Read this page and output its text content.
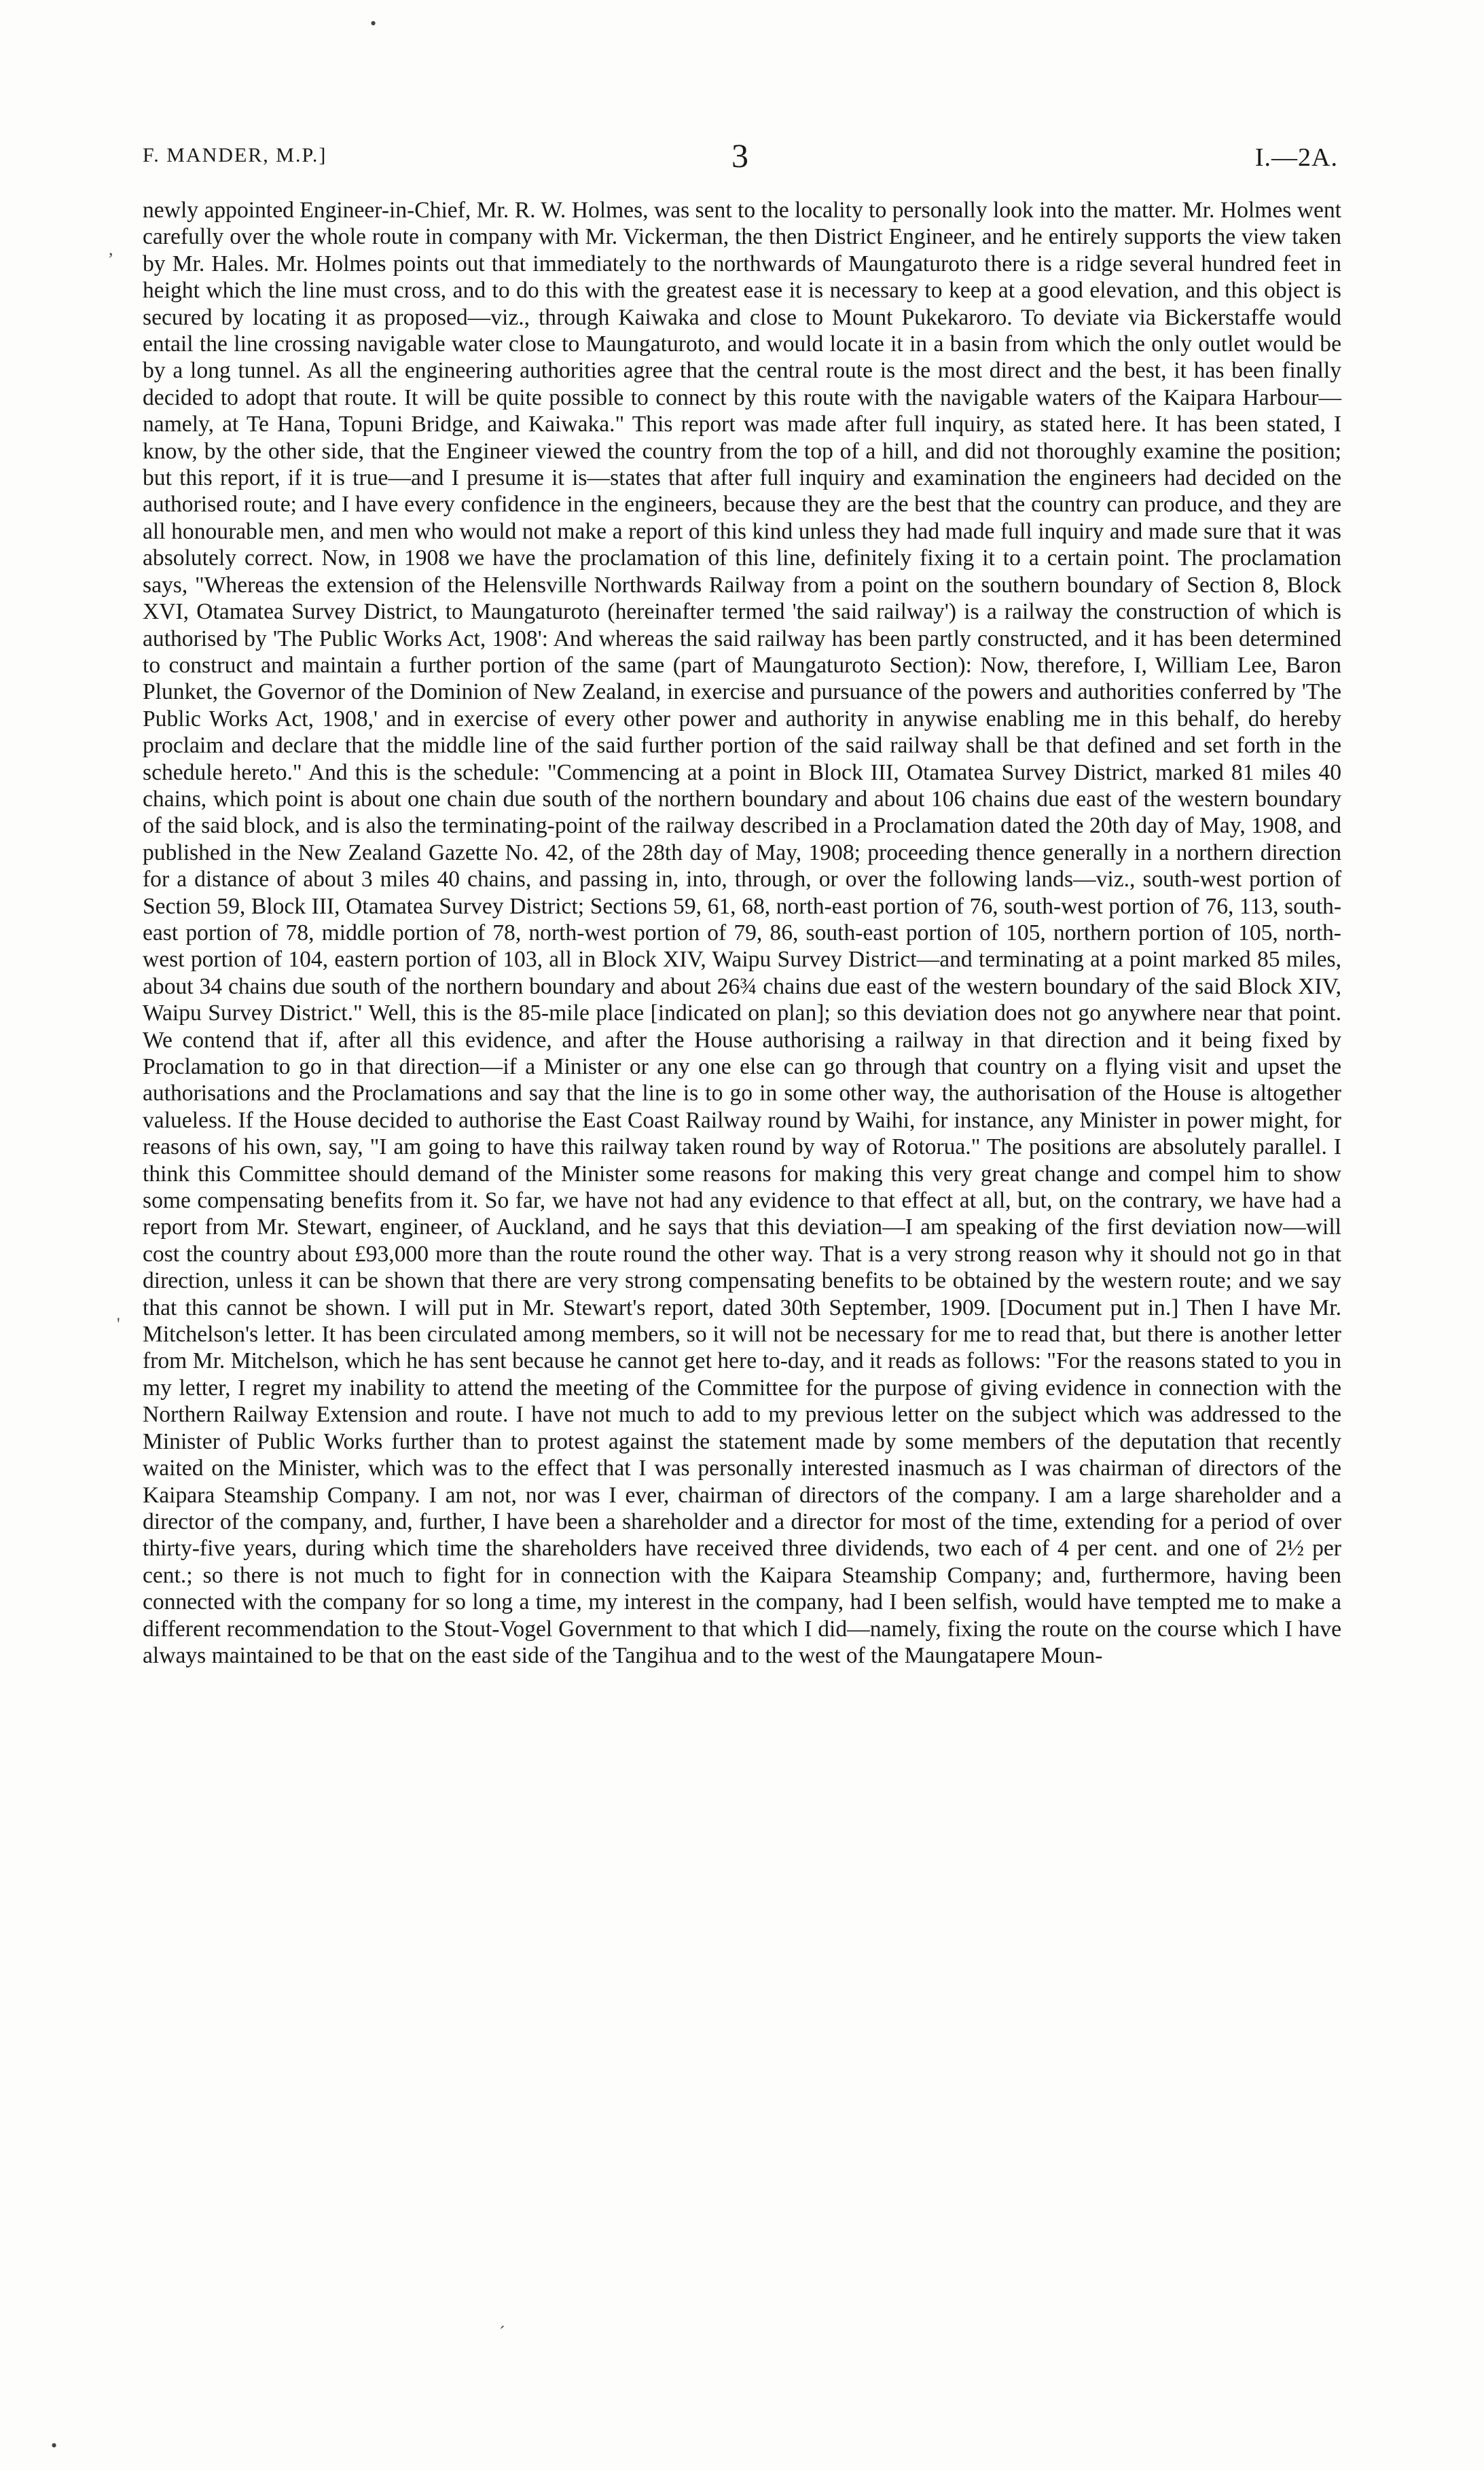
F. MANDER, M.P.]	3	I.—2A.

newly appointed Engineer-in-Chief, Mr. R. W. Holmes, was sent to the locality to personally look into the matter. Mr. Holmes went carefully over the whole route in company with Mr. Vickerman, the then District Engineer, and he entirely supports the view taken by Mr. Hales. Mr. Holmes points out that immediately to the northwards of Maungaturoto there is a ridge several hundred feet in height which the line must cross, and to do this with the greatest ease it is necessary to keep at a good elevation, and this object is secured by locating it as proposed—viz., through Kaiwaka and close to Mount Pukekaroro. To deviate via Bickerstaffe would entail the line crossing navigable water close to Maungaturoto, and would locate it in a basin from which the only outlet would be by a long tunnel. As all the engineering authorities agree that the central route is the most direct and the best, it has been finally decided to adopt that route. It will be quite possible to connect by this route with the navigable waters of the Kaipara Harbour—namely, at Te Hana, Topuni Bridge, and Kaiwaka." This report was made after full inquiry, as stated here. It has been stated, I know, by the other side, that the Engineer viewed the country from the top of a hill, and did not thoroughly examine the position; but this report, if it is true—and I presume it is—states that after full inquiry and examination the engineers had decided on the authorised route; and I have every confidence in the engineers, because they are the best that the country can produce, and they are all honourable men, and men who would not make a report of this kind unless they had made full inquiry and made sure that it was absolutely correct. Now, in 1908 we have the proclamation of this line, definitely fixing it to a certain point. The proclamation says, "Whereas the extension of the Helensville Northwards Railway from a point on the southern boundary of Section 8, Block XVI, Otamatea Survey District, to Maungaturoto (hereinafter termed 'the said railway') is a railway the construction of which is authorised by 'The Public Works Act, 1908': And whereas the said railway has been partly constructed, and it has been determined to construct and maintain a further portion of the same (part of Maungaturoto Section): Now, therefore, I, William Lee, Baron Plunket, the Governor of the Dominion of New Zealand, in exercise and pursuance of the powers and authorities conferred by 'The Public Works Act, 1908,' and in exercise of every other power and authority in anywise enabling me in this behalf, do hereby proclaim and declare that the middle line of the said further portion of the said railway shall be that defined and set forth in the schedule hereto." And this is the schedule: "Commencing at a point in Block III, Otamatea Survey District, marked 81 miles 40 chains, which point is about one chain due south of the northern boundary and about 106 chains due east of the western boundary of the said block, and is also the terminating-point of the railway described in a Proclamation dated the 20th day of May, 1908, and published in the New Zealand Gazette No. 42, of the 28th day of May, 1908; proceeding thence generally in a northern direction for a distance of about 3 miles 40 chains, and passing in, into, through, or over the following lands—viz., south-west portion of Section 59, Block III, Otamatea Survey District; Sections 59, 61, 68, north-east portion of 76, south-west portion of 76, 113, south-east portion of 78, middle portion of 78, north-west portion of 79, 86, south-east portion of 105, northern portion of 105, north-west portion of 104, eastern portion of 103, all in Block XIV, Waipu Survey District—and terminating at a point marked 85 miles, about 34 chains due south of the northern boundary and about 26¾ chains due east of the western boundary of the said Block XIV, Waipu Survey District." Well, this is the 85-mile place [indicated on plan]; so this deviation does not go anywhere near that point. We contend that if, after all this evidence, and after the House authorising a railway in that direction and it being fixed by Proclamation to go in that direction—if a Minister or any one else can go through that country on a flying visit and upset the authorisations and the Proclamations and say that the line is to go in some other way, the authorisation of the House is altogether valueless. If the House decided to authorise the East Coast Railway round by Waihi, for instance, any Minister in power might, for reasons of his own, say, "I am going to have this railway taken round by way of Rotorua." The positions are absolutely parallel. I think this Committee should demand of the Minister some reasons for making this very great change and compel him to show some compensating benefits from it. So far, we have not had any evidence to that effect at all, but, on the contrary, we have had a report from Mr. Stewart, engineer, of Auckland, and he says that this deviation—I am speaking of the first deviation now—will cost the country about £93,000 more than the route round the other way. That is a very strong reason why it should not go in that direction, unless it can be shown that there are very strong compensating benefits to be obtained by the western route; and we say that this cannot be shown. I will put in Mr. Stewart's report, dated 30th September, 1909. [Document put in.] Then I have Mr. Mitchelson's letter. It has been circulated among members, so it will not be necessary for me to read that, but there is another letter from Mr. Mitchelson, which he has sent because he cannot get here to-day, and it reads as follows: "For the reasons stated to you in my letter, I regret my inability to attend the meeting of the Committee for the purpose of giving evidence in connection with the Northern Railway Extension and route. I have not much to add to my previous letter on the subject which was addressed to the Minister of Public Works further than to protest against the statement made by some members of the deputation that recently waited on the Minister, which was to the effect that I was personally interested inasmuch as I was chairman of directors of the Kaipara Steamship Company. I am not, nor was I ever, chairman of directors of the company. I am a large shareholder and a director of the company, and, further, I have been a shareholder and a director for most of the time, extending for a period of over thirty-five years, during which time the shareholders have received three dividends, two each of 4 per cent. and one of 2½ per cent.; so there is not much to fight for in connection with the Kaipara Steamship Company; and, furthermore, having been connected with the company for so long a time, my interest in the company, had I been selfish, would have tempted me to make a different recommendation to the Stout-Vogel Government to that which I did—namely, fixing the route on the course which I have always maintained to be that on the east side of the Tangihua and to the west of the Maungatapere Moun-

•
,
'
´
•
